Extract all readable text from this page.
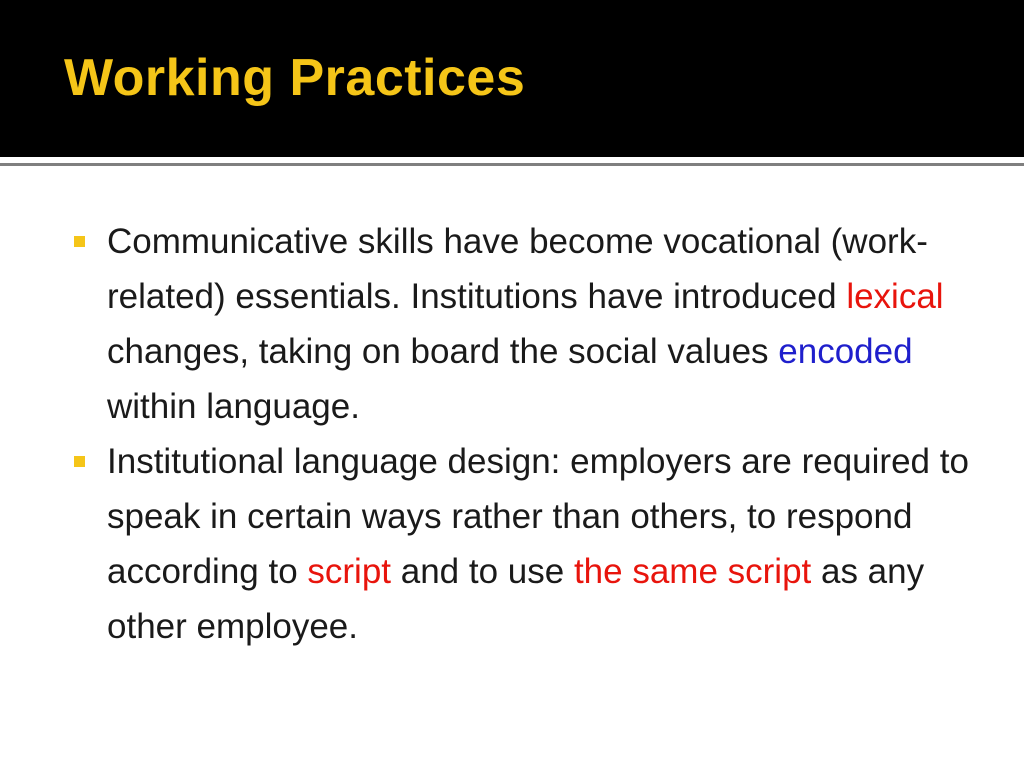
Working Practices
Communicative skills have become vocational (work-related) essentials. Institutions have introduced lexical changes, taking on board the social values encoded within language.
Institutional language design: employers are required to speak in certain ways rather than others, to respond according to script and to use the same script as any other employee.
